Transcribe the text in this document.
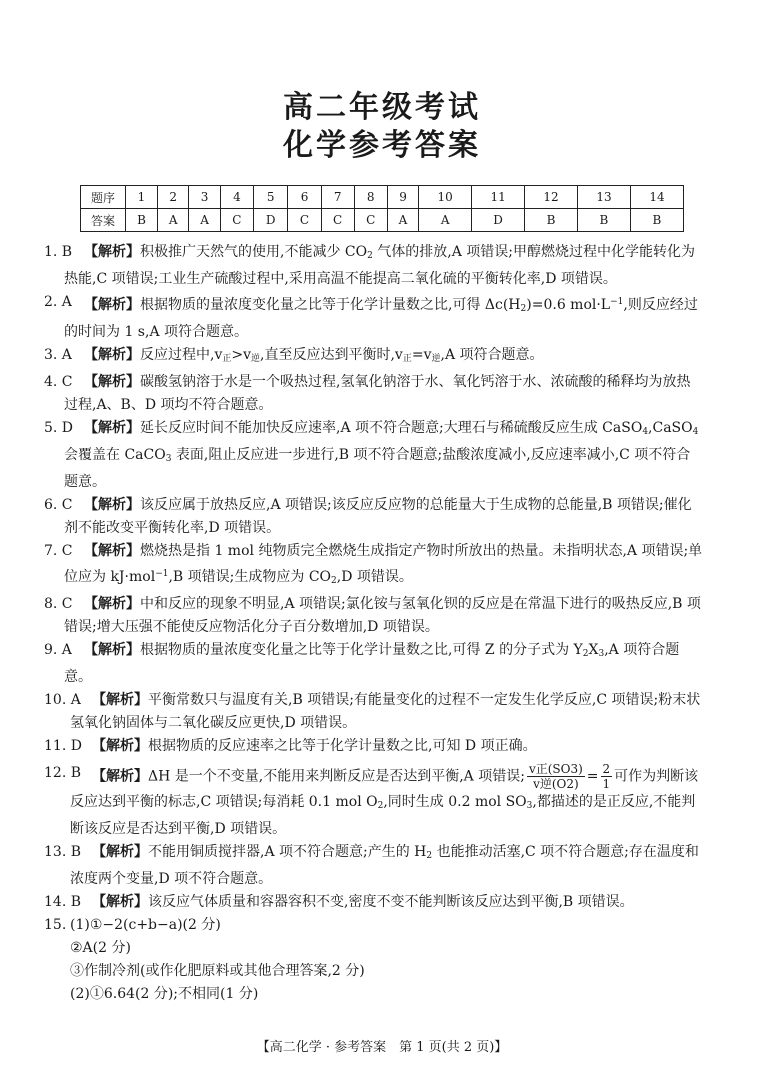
高二年级考试
化学参考答案
题序	1	2	3	4	5	6	7	8	9	10	11	12	13	14
答案	B	A	A	C	D	C	C	C	A	A	D	B	B	B
1. B 【解析】积极推广天然气的使用,不能减少 $CO_2$ 气体的排放,A 项错误;甲醇燃烧过程中化学能转化为热能,C 项错误;工业生产硫酸过程中,采用高温不能提高二氧化硫的平衡转化率,D 项错误。
2. A 【解析】根据物质的量浓度变化量之比等于化学计量数之比,可得 $\Delta c(H_2)=0.6$ $mol\cdot L^{-1}$,则反应经过的时间为 1 s,A 项符合题意。
3. A 【解析】反应过程中$,v_正>v_逆$,直至反应达到平衡时$,v_正=v_逆,A$ 项符合题意。
4. C 【解析】碳酸氢钠溶于水是一个吸热过程,氢氧化钠溶于水、氧化钙溶于水、浓硫酸的稀释均为放热过程,A、B、D 项均不符合题意。
5. D 【解析】延长反应时间不能加快反应速率,A 项不符合题意;大理石与稀硫酸反应生成 CaSO$_4$,CaSO$_4$ 会覆盖在 CaCO$_3$ 表面,阻止反应进一步进行,B 项不符合题意;盐酸浓度减小,反应速率减小,C 项不符合题意。
6. C 【解析】该反应属于放热反应,A 项错误;该反应反应物的总能量大于生成物的总能量,B 项错误;催化剂不能改变平衡转化率,D 项错误。
7. C 【解析】燃烧热是指 1 mol 纯物质完全燃烧生成指定产物时所放出的热量。未指明状态,A 项错误;单位应为 kJ·mol$^{-1}$,B 项错误;生成物应为 $CO_2,D$ 项错误。
8. C 【解析】中和反应的现象不明显,A 项错误;氯化铵与氢氧化钡的反应是在常温下进行的吸热反应,B 项错误;增大压强不能使反应物活化分子百分数增加,D 项错误。
9. A 【解析】根据物质的量浓度变化量之比等于化学计量数之比,可得 Z 的分子式为 $Y_2X_3,A$ 项符合题意。
10. A 【解析】平衡常数只与温度有关,B 项错误;有能量变化的过程不一定发生化学反应,C 项错误;粉末状氢氧化钠固体与二氧化碳反应更快,D 项错误。
11. D 【解析】根据物质的反应速率之比等于化学计量数之比,可知 D 项正确。
12. B 【解析】ΔH 是一个不变量,不能用来判断反应是否达到平衡,A 项错误; $\frac{\text{v正(SO3)}}{\text{v逆(O2)}} = \frac{2}{1}$ 可作为判断该反应达到平衡的标志,C 项错误;每消耗 0.1 mol $O_2$,同时生成 0.2 mol $SO_3$,都描述的是正反应,不能判断该反应是否达到平衡,D 项错误。
13. B 【解析】不能用铜质搅拌器,A 项不符合题意;产生的 $H_2$ 也能推动活塞,C 项不符合题意;存在温度和浓度两个变量,D 项不符合题意。
14. B 【解析】该反应气体质量和容器容积不变,密度不变不能判断该反应达到平衡,B 项错误。
15. (1)①−2(c+b−a)(2 分)
②A(2 分)
③作制冷剂(或作化肥原料或其他合理答案,2 分)
(2)①6.64(2 分);不相同(1 分)
【高二化学 · 参考答案　第 1 页(共 2 页)】
